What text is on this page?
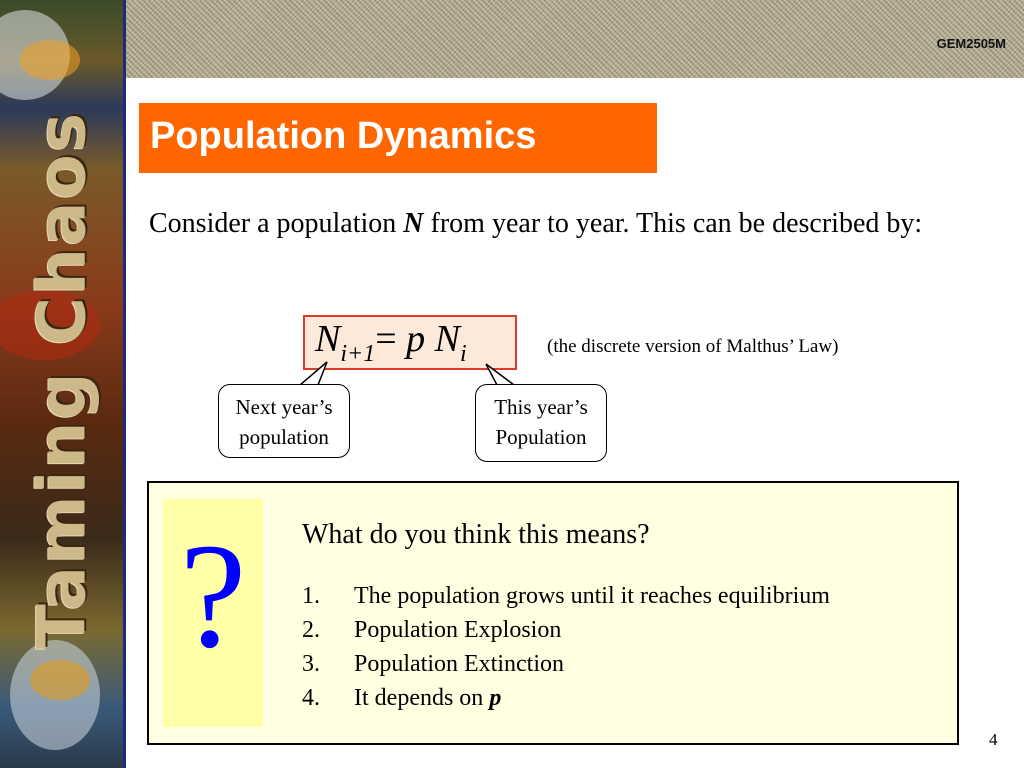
Taming Chaos
GEM2505M
Population Dynamics
Consider a population N from year to year. This can be described by:
$N_{i+1}= p$ $N_i$	(the discrete version of Malthus’ Law)
Next year’s
population
This year’s
Population
?	What do you think this means?
1. The population grows until it reaches equilibrium
2. Population Explosion
3. Population Extinction
4. It depends on p
4
